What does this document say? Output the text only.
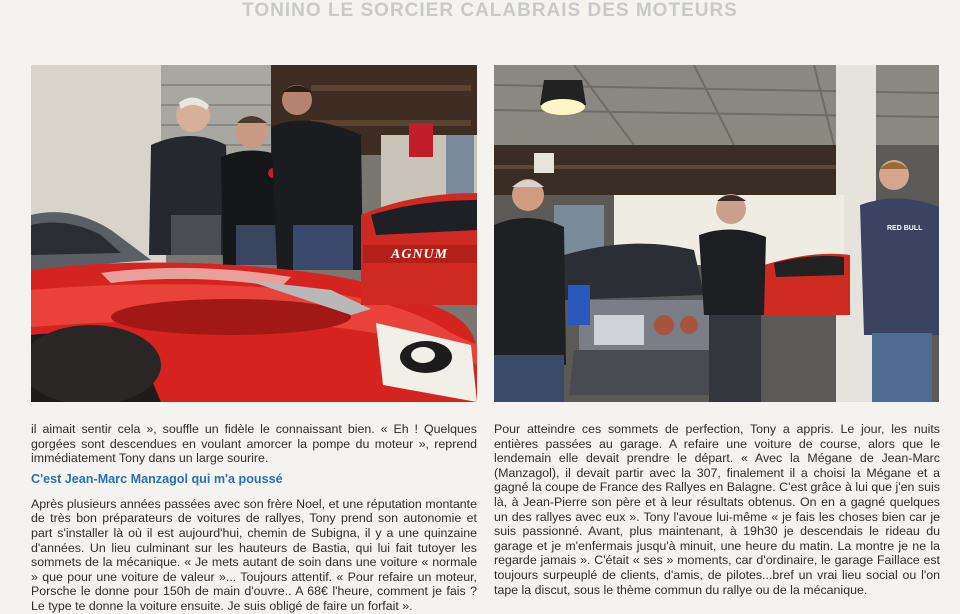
TONINO LE SORCIER CALABRAIS DES MOTEURS
AGNUM
RED BULL

il aimait sentir cela », souffle un fidèle le connaissant bien. « Eh ! Quelques gorgées sont descendues en voulant amorcer la pompe du moteur », reprend immédiatement Tony dans un large sourire.

C'est Jean-Marc Manzagol qui m'a poussé

Après plusieurs années passées avec son frère Noel, et une réputation montante de très bon préparateurs de voitures de rallyes, Tony prend son autonomie et part s'installer là où il est aujourd'hui, chemin de Subigna, il y a une quinzaine d'années. Un lieu culminant sur les hauteurs de Bastia, qui lui fait tutoyer les sommets de la mécanique. « Je mets autant de soin dans une voiture « normale » que pour une voiture de valeur »... Toujours attentif. « Pour refaire un moteur, Porsche le donne pour 150h de main d'ouvre.. A 68€ l'heure, comment je fais ? Le type te donne la voiture ensuite. Je suis obligé de faire un forfait ».

Pour atteindre ces sommets de perfection, Tony a appris. Le jour, les nuits entières passées au garage. A refaire une voiture de course, alors que le lendemain elle devait prendre le départ. « Avec la Mégane de Jean-Marc (Manzagol), il devait partir avec la 307, finalement il a choisi la Mégane et a gagné la coupe de France des Rallyes en Balagne. C'est grâce à lui que j'en suis là, à Jean-Pierre son père et à leur résultats obtenus. On en a gagné quelques un des rallyes avec eux ». Tony l'avoue lui-même « je fais les choses bien car je suis passionné. Avant, plus maintenant, à 19h30 je descendais le rideau du garage et je m'enfermais jusqu'à minuit, une heure du matin. La montre je ne la regarde jamais ». C'était « ses » moments, car d'ordinaire, le garage Faillace est toujours surpeuplé de clients, d'amis, de pilotes...bref un vrai lieu social ou l'on tape la discut, sous le thème commun du rallye ou de la mécanique.
